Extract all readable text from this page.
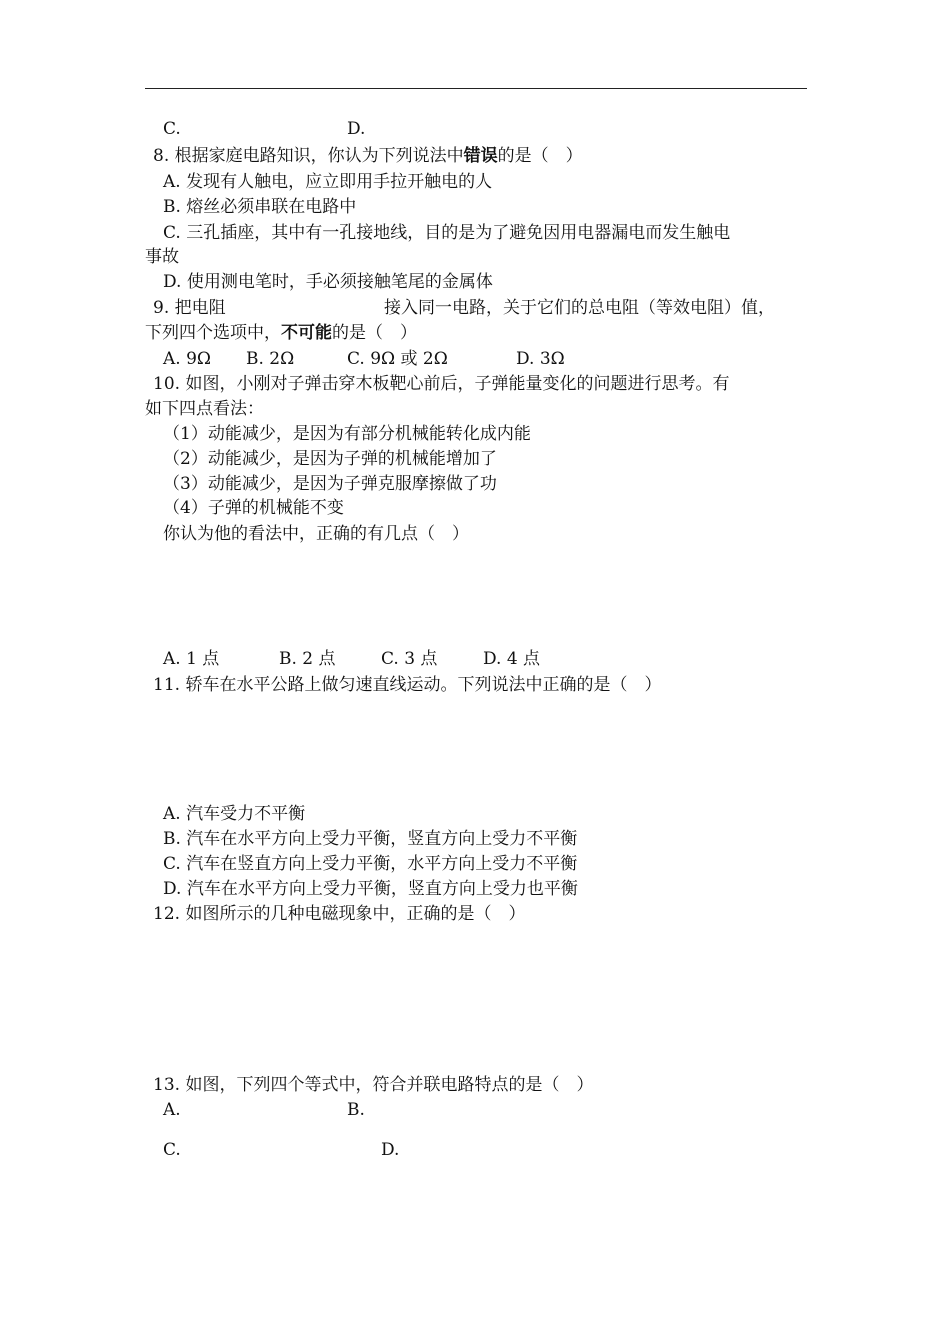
C.	D.
8. 根据家庭电路知识，你认为下列说法中错误的是（　）
A. 发现有人触电，应立即用手拉开触电的人
B. 熔丝必须串联在电路中
C. 三孔插座，其中有一孔接地线，目的是为了避免因用电器漏电而发生触电
事故
D. 使用测电笔时，手必须接触笔尾的金属体
9. 把电阻	接入同一电路，关于它们的总电阻（等效电阻）值，
下列四个选项中，不可能的是（　）
A. 9Ω B. 2Ω	C. 9Ω 或 2Ω	D. 3Ω
10. 如图，小刚对子弹击穿木板靶心前后，子弹能量变化的问题进行思考。有
如下四点看法：
（1）动能减少，是因为有部分机械能转化成内能
（2）动能减少，是因为子弹的机械能增加了
（3）动能减少，是因为子弹克服摩擦做了功
（4）子弹的机械能不变
你认为他的看法中，正确的有几点（　）
A. 1 点	B. 2 点	C. 3 点	D. 4 点
11. 轿车在水平公路上做匀速直线运动。下列说法中正确的是（　）
A. 汽车受力不平衡
B. 汽车在水平方向上受力平衡，竖直方向上受力不平衡
C. 汽车在竖直方向上受力平衡，水平方向上受力不平衡
D. 汽车在水平方向上受力平衡，竖直方向上受力也平衡
12. 如图所示的几种电磁现象中，正确的是（　）
13. 如图，下列四个等式中，符合并联电路特点的是（　）
A.	B.
C.	D.
